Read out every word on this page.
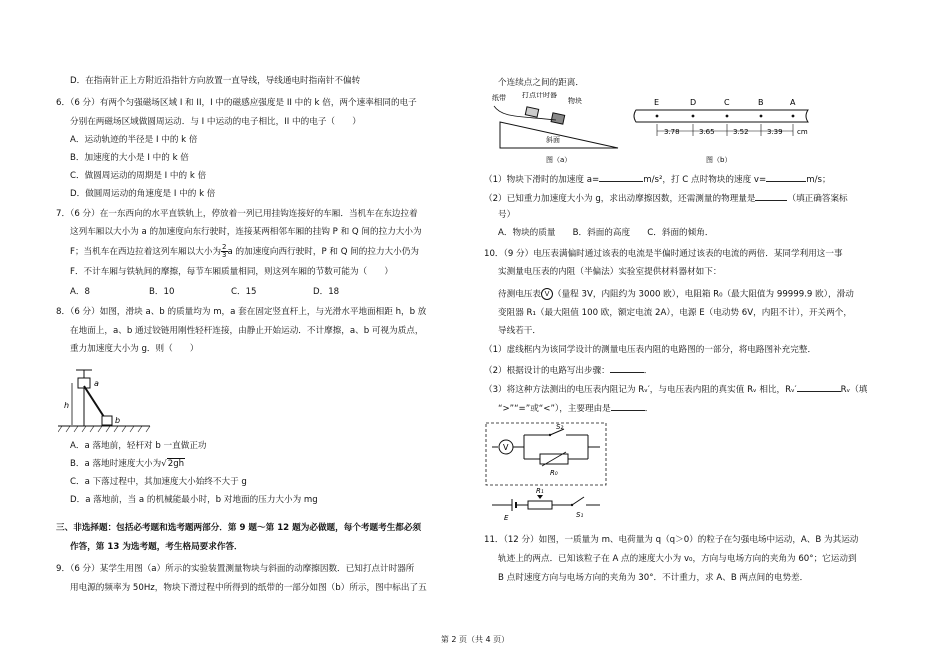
D．在指南针正上方附近沿指针方向放置一直导线，导线通电时指南针不偏转
6．（6 分）有两个匀强磁场区域 I 和 II，I 中的磁感应强度是 II 中的 k 倍，两个速率相同的电子
分别在两磁场区域做圆周运动．与 I 中运动的电子相比，II 中的电子（　　）
A．运动轨迹的半径是 I 中的 k 倍
B．加速度的大小是 I 中的 k 倍
C．做圆周运动的周期是 I 中的 k 倍
D．做圆周运动的角速度是 I 中的 k 倍
7．（6 分）在一东西向的水平直铁轨上，停放着一列已用挂钩连接好的车厢．当机车在东边拉着
这列车厢以大小为 a 的加速度向东行驶时，连接某两相邻车厢的挂钩 P 和 Q 间的拉力大小为
F；当机车在西边拉着这列车厢以大小为 $\frac{2}{3}$ a 的加速度向西行驶时，P 和 Q 间的拉力大小仍为
F．不计车厢与铁轨间的摩擦，每节车厢质量相同，则这列车厢的节数可能为（　　）
A．8	B．10	C．15	D．18
8．（6 分）如图，滑块 a、b 的质量均为 m，a 套在固定竖直杆上，与光滑水平地面相距 h，b 放
在地面上，a、b 通过铰链用刚性轻杆连接，由静止开始运动．不计摩擦，a、b 可视为质点，
重力加速度大小为 g．则（　　）
a
b
h
A．a 落地前，轻杆对 b 一直做正功
B．a 落地时速度大小为√2gh
C．a 下落过程中，其加速度大小始终不大于 g
D．a 落地前，当 a 的机械能最小时，b 对地面的压力大小为 mg
三、非选择题：包括必考题和选考题两部分．第 9 题～第 12 题为必做题，每个考题考生都必须
作答，第 13 为选考题，考生格局要求作答．
9．（6 分）某学生用图（a）所示的实验装置测量物块与斜面的动摩擦因数．已知打点计时器所
用电源的频率为 50Hz，物块下滑过程中所得到的纸带的一部分如图（b）所示，图中标出了五
个连续点之间的距离．
纸带 打点计时器
物块
斜面
图（a）
E	D	C	B	A
3.78	3.65	3.52	3.39 cm
图（b）
（1）物块下滑时的加速度 a=	m/s²，打 C 点时物块的速度 v=	m/s；
（2）已知重力加速度大小为 g，求出动摩擦因数，还需测量的物理量是	（填正确答案标
号）
A．物块的质量　　B．斜面的高度　　C．斜面的倾角．
10．（9 分）电压表满偏时通过该表的电流是半偏时通过该表的电流的两倍．某同学利用这一事
实测量电压表的内阻（半偏法）实验室提供材料器材如下：
待测电压表 V （量程 3V，内阻约为 3000 欧），电阻箱 R₀（最大阻值为 99999.9 欧），滑动
变阻器 R₁（最大阻值 100 欧，额定电流 2A），电源 E（电动势 6V，内阻不计），开关两个，
导线若干．
（1）虚线框内为该同学设计的测量电压表内阻的电路图的一部分，将电路图补充完整．
（2）根据设计的电路写出步骤：	．
（3）将这种方法测出的电压表内阻记为 Rᵥ′，与电压表内阻的真实值 Rᵥ 相比，Rᵥ′	Rᵥ（填
“>”“=”或“<”），主要理由是	．
V
S₂
R₀
E
R₁
S₁
11．（12 分）如图，一质量为 m、电荷量为 q（q＞0）的粒子在匀强电场中运动，A、B 为其运动
轨迹上的两点．已知该粒子在 A 点的速度大小为 v₀，方向与电场方向的夹角为 60°；它运动到
B 点时速度方向与电场方向的夹角为 30°．不计重力，求 A、B 两点间的电势差．
第 2 页（共 4 页）
